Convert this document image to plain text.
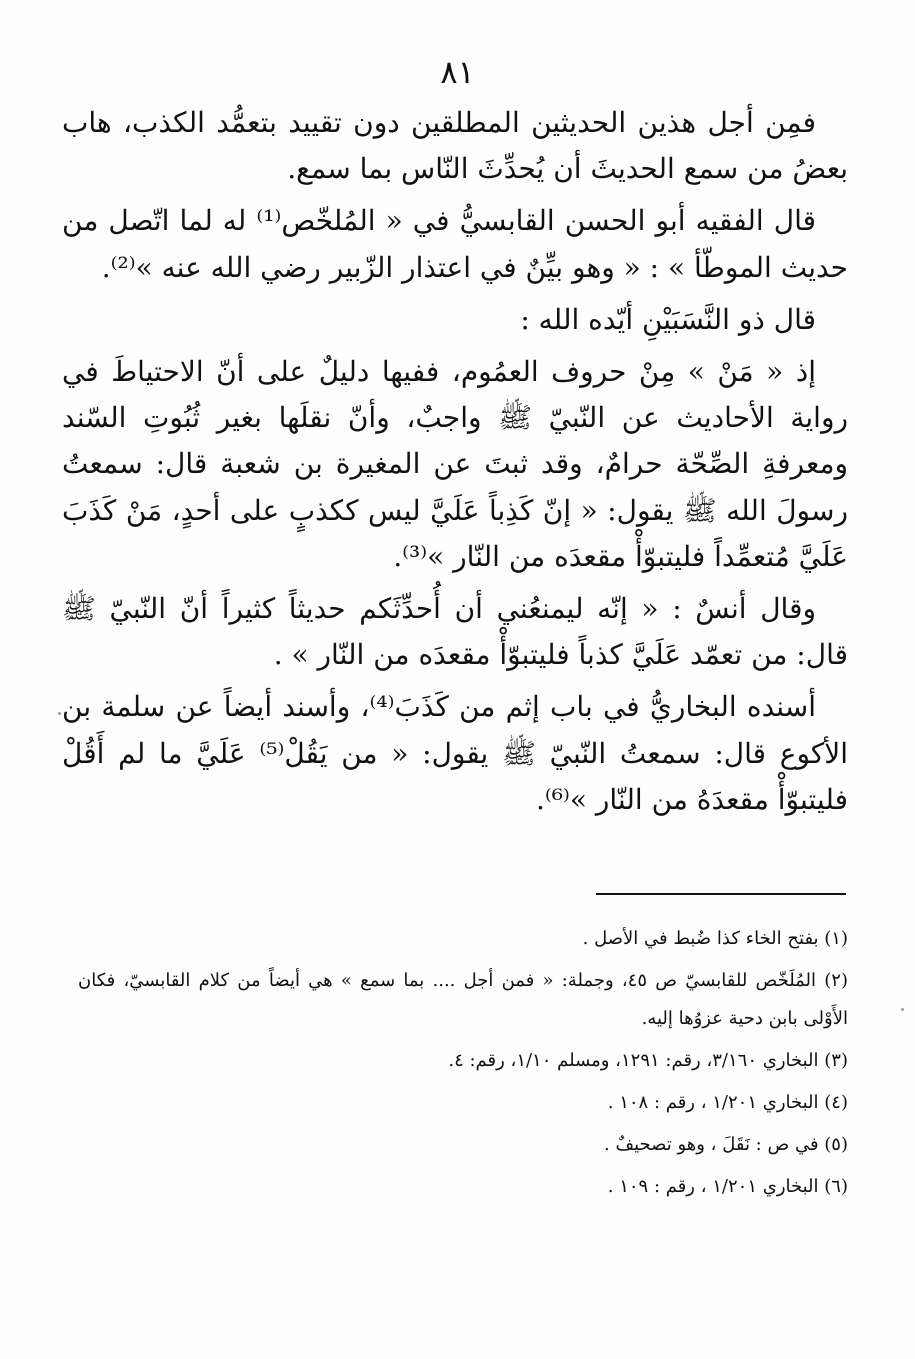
٨١

فمِن أجل هذين الحديثين المطلقين دون تقييد بتعمُّد الكذب، هاب بعضُ من سمع الحديثَ أن يُحدِّثَ النّاس بما سمع.

قال الفقيه أبو الحسن القابسيُّ في « المُلخّص⁽¹⁾ له لما اتّصل من حديث الموطّأ » : « وهو بيِّنٌ في اعتذار الزّبير رضي الله عنه »⁽²⁾.

قال ذو النَّسَبَيْنِ أيّده الله :

إذ « مَنْ » مِنْ حروف العمُوم، ففيها دليلٌ على أنّ الاحتياطَ في رواية الأحاديث عن النّبيّ ﷺ واجبٌ، وأنّ نقلَها بغير ثُبُوتِ السّند ومعرفةِ الصِّحّة حرامٌ، وقد ثبتَ عن المغيرة بن شعبة قال: سمعتُ رسولَ الله ﷺ يقول: « إنّ كَذِباً عَلَيَّ ليس ككذبٍ على أحدٍ، مَنْ كَذَبَ عَلَيَّ مُتعمِّداً فليتبوّأْ مقعدَه من النّار »⁽³⁾.

وقال أنسٌ : « إنّه ليمنعُني أن أُحدِّثَكم حديثاً كثيراً أنّ النّبيّ ﷺ قال: من تعمّد عَلَيَّ كذباً فليتبوّأْ مقعدَه من النّار » .

أسنده البخاريُّ في باب إثم من كَذَبَ⁽⁴⁾، وأسند أيضاً عن سلمة بن الأكوع قال: سمعتُ النّبيّ ﷺ يقول: « من يَقُلْ⁽⁵⁾ عَلَيَّ ما لم أَقُلْ فليتبوّأْ مقعدَهُ من النّار »⁽⁶⁾.

(١) بفتح الخاء كذا ضُبط في الأصل .

(٢) المُلَخّص للقابسيّ ص ٤٥، وجملة: « فمن أجل .... بما سمع » هي أيضاً من كلام القابسيّ، فكان الأَوْلى بابن دحية عزوُها إليه.

(٣) البخاري ٣/١٦٠، رقم: ١٢٩١، ومسلم ١/١٠، رقم: ٤.

(٤) البخاري ١/٢٠١ ، رقم : ١٠٨ .

(٥) في ص : نَقَلَ ، وهو تصحيفٌ .

(٦) البخاري ١/٢٠١ ، رقم : ١٠٩ .
